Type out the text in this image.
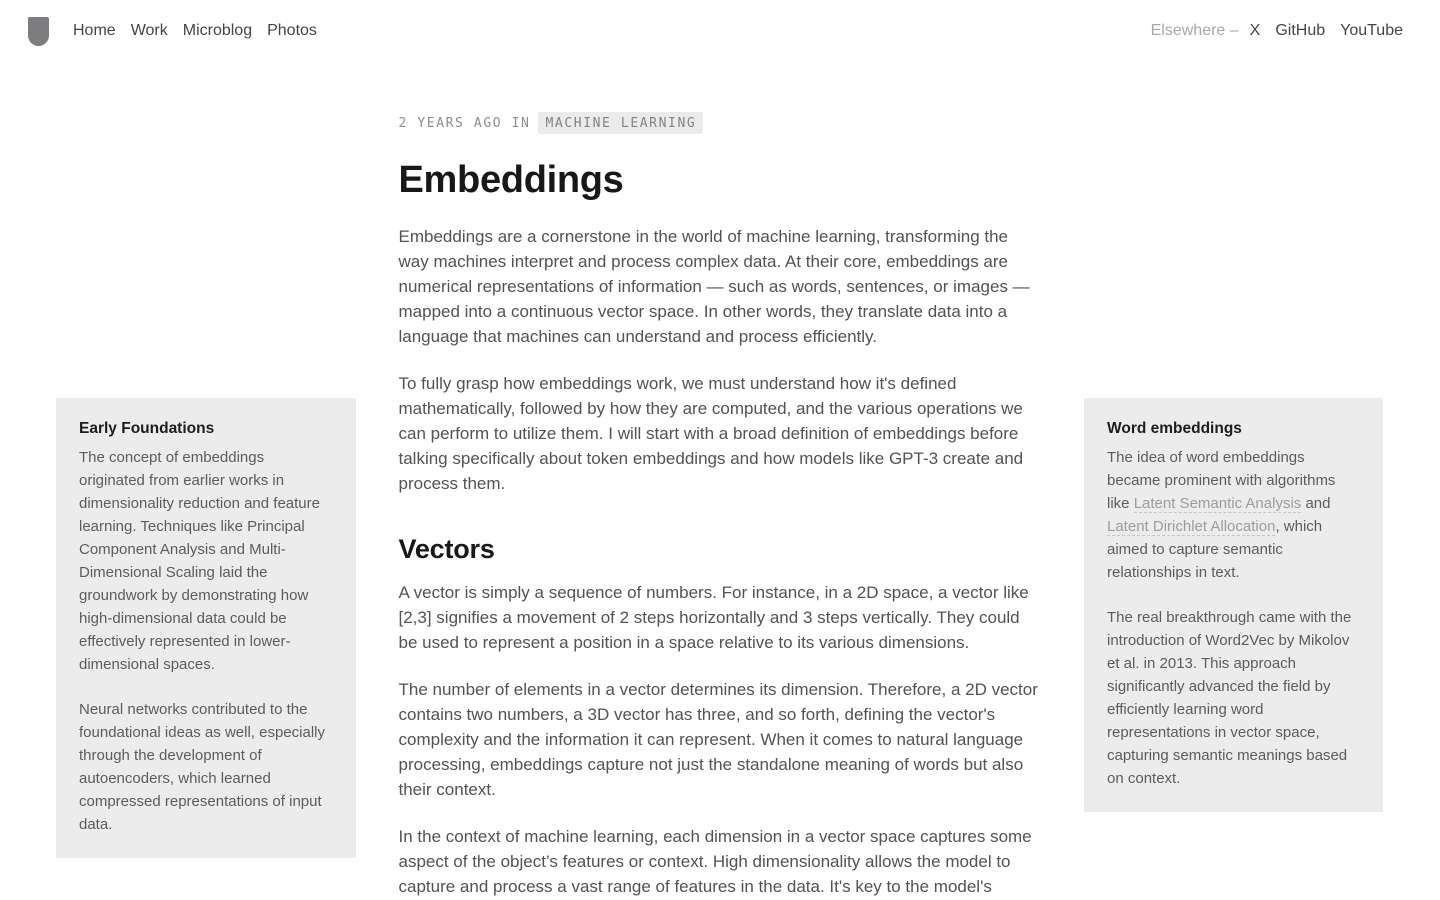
Home Work Microblog Photos	Elsewhere – X GitHub YouTube
2 YEARS AGO IN	MACHINE LEARNING
Embeddings

Embeddings are a cornerstone in the world of machine learning, transforming the way machines interpret and process complex data. At their core, embeddings are numerical representations of information — such as words, sentences, or images — mapped into a continuous vector space. In other words, they translate data into a language that machines can understand and process efficiently.

To fully grasp how embeddings work, we must understand how it's defined mathematically, followed by how they are computed, and the various operations we can perform to utilize them. I will start with a broad definition of embeddings before talking specifically about token embeddings and how models like GPT-3 create and process them.

Vectors

A vector is simply a sequence of numbers. For instance, in a 2D space, a vector like [2,3] signifies a movement of 2 steps horizontally and 3 steps vertically. They could be used to represent a position in a space relative to its various dimensions.

The number of elements in a vector determines its dimension. Therefore, a 2D vector contains two numbers, a 3D vector has three, and so forth, defining the vector's complexity and the information it can represent. When it comes to natural language processing, embeddings capture not just the standalone meaning of words but also their context.

In the context of machine learning, each dimension in a vector space captures some aspect of the object’s features or context. High dimensionality allows the model to capture and process a vast range of features in the data. It's key to the model's

Early Foundations

The concept of embeddings originated from earlier works in dimensionality reduction and feature learning. Techniques like Principal Component Analysis and Multi-Dimensional Scaling laid the groundwork by demonstrating how high-dimensional data could be effectively represented in lower-dimensional spaces.

Neural networks contributed to the foundational ideas as well, especially through the development of autoencoders, which learned compressed representations of input data.

Word embeddings

The idea of word embeddings became prominent with algorithms like Latent Semantic Analysis and Latent Dirichlet Allocation, which aimed to capture semantic relationships in text.

The real breakthrough came with the introduction of Word2Vec by Mikolov et al. in 2013. This approach significantly advanced the field by efficiently learning word representations in vector space, capturing semantic meanings based on context.
